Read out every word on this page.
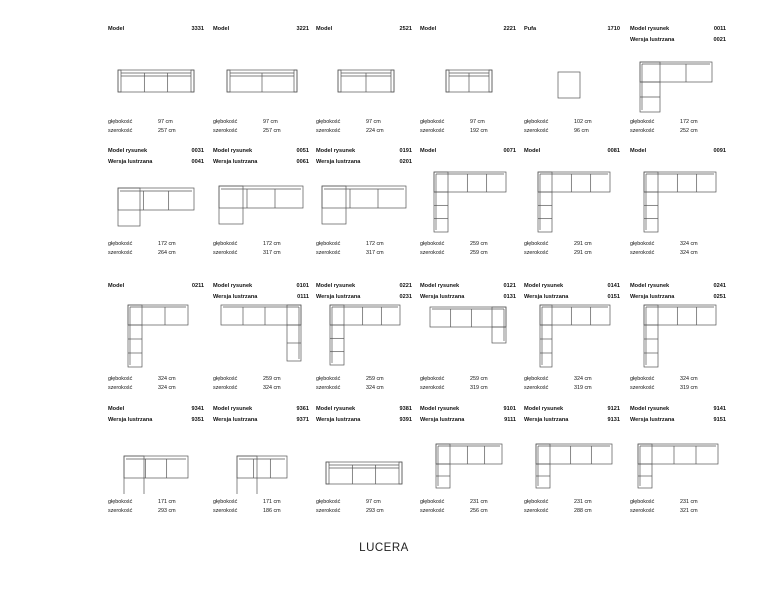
Model	3331
głębokość	97 cm
szerokość	257 cm
Model	3221
głębokość	97 cm
szerokość	257 cm
Model	2521
głębokość	97 cm
szerokość	224 cm
Model	2221
głębokość	97 cm
szerokość	192 cm
Pufa	1710
głębokość	102 cm
szerokość	96 cm
Model rysunek	0011
Wersja lustrzana	0021
głębokość	172 cm
szerokość	252 cm
Model rysunek	0031
Wersja lustrzana	0041
głębokość	172 cm
szerokość	264 cm
Model rysunek	0051
Wersja lustrzana	0061
głębokość	172 cm
szerokość	317 cm
Model rysunek	0191
Wersja lustrzana	0201
głębokość	172 cm
szerokość	317 cm
Model	0071
głębokość	259 cm
szerokość	259 cm
Model	0081
głębokość	291 cm
szerokość	291 cm
Model	0091
głębokość	324 cm
szerokość	324 cm
Model	0211
głębokość	324 cm
szerokość	324 cm
Model rysunek	0101
Wersja lustrzana	0111
głębokość	259 cm
szerokość	324 cm
Model rysunek	0221
Wersja lustrzana	0231
głębokość	259 cm
szerokość	324 cm
Model rysunek	0121
Wersja lustrzana	0131
głębokość	259 cm
szerokość	319 cm
Model rysunek	0141
Wersja lustrzana	0151
głębokość	324 cm
szerokość	319 cm
Model rysunek	0241
Wersja lustrzana	0251
głębokość	324 cm
szerokość	319 cm
Model	9341
Wersja lustrzana	9351
głębokość	171 cm
szerokość	293 cm
Model rysunek	9361
Wersja lustrzana	9371
głębokość	171 cm
szerokość	186 cm
Model rysunek	9381
Wersja lustrzana	9391
głębokość	97 cm
szerokość	293 cm
Model rysunek	9101
Wersja lustrzana	9111
głębokość	231 cm
szerokość	256 cm
Model rysunek	9121
Wersja lustrzana	9131
głębokość	231 cm
szerokość	288 cm
Model rysunek	9141
Wersja lustrzana	9151
głębokość	231 cm
szerokość	321 cm
LUCERA
